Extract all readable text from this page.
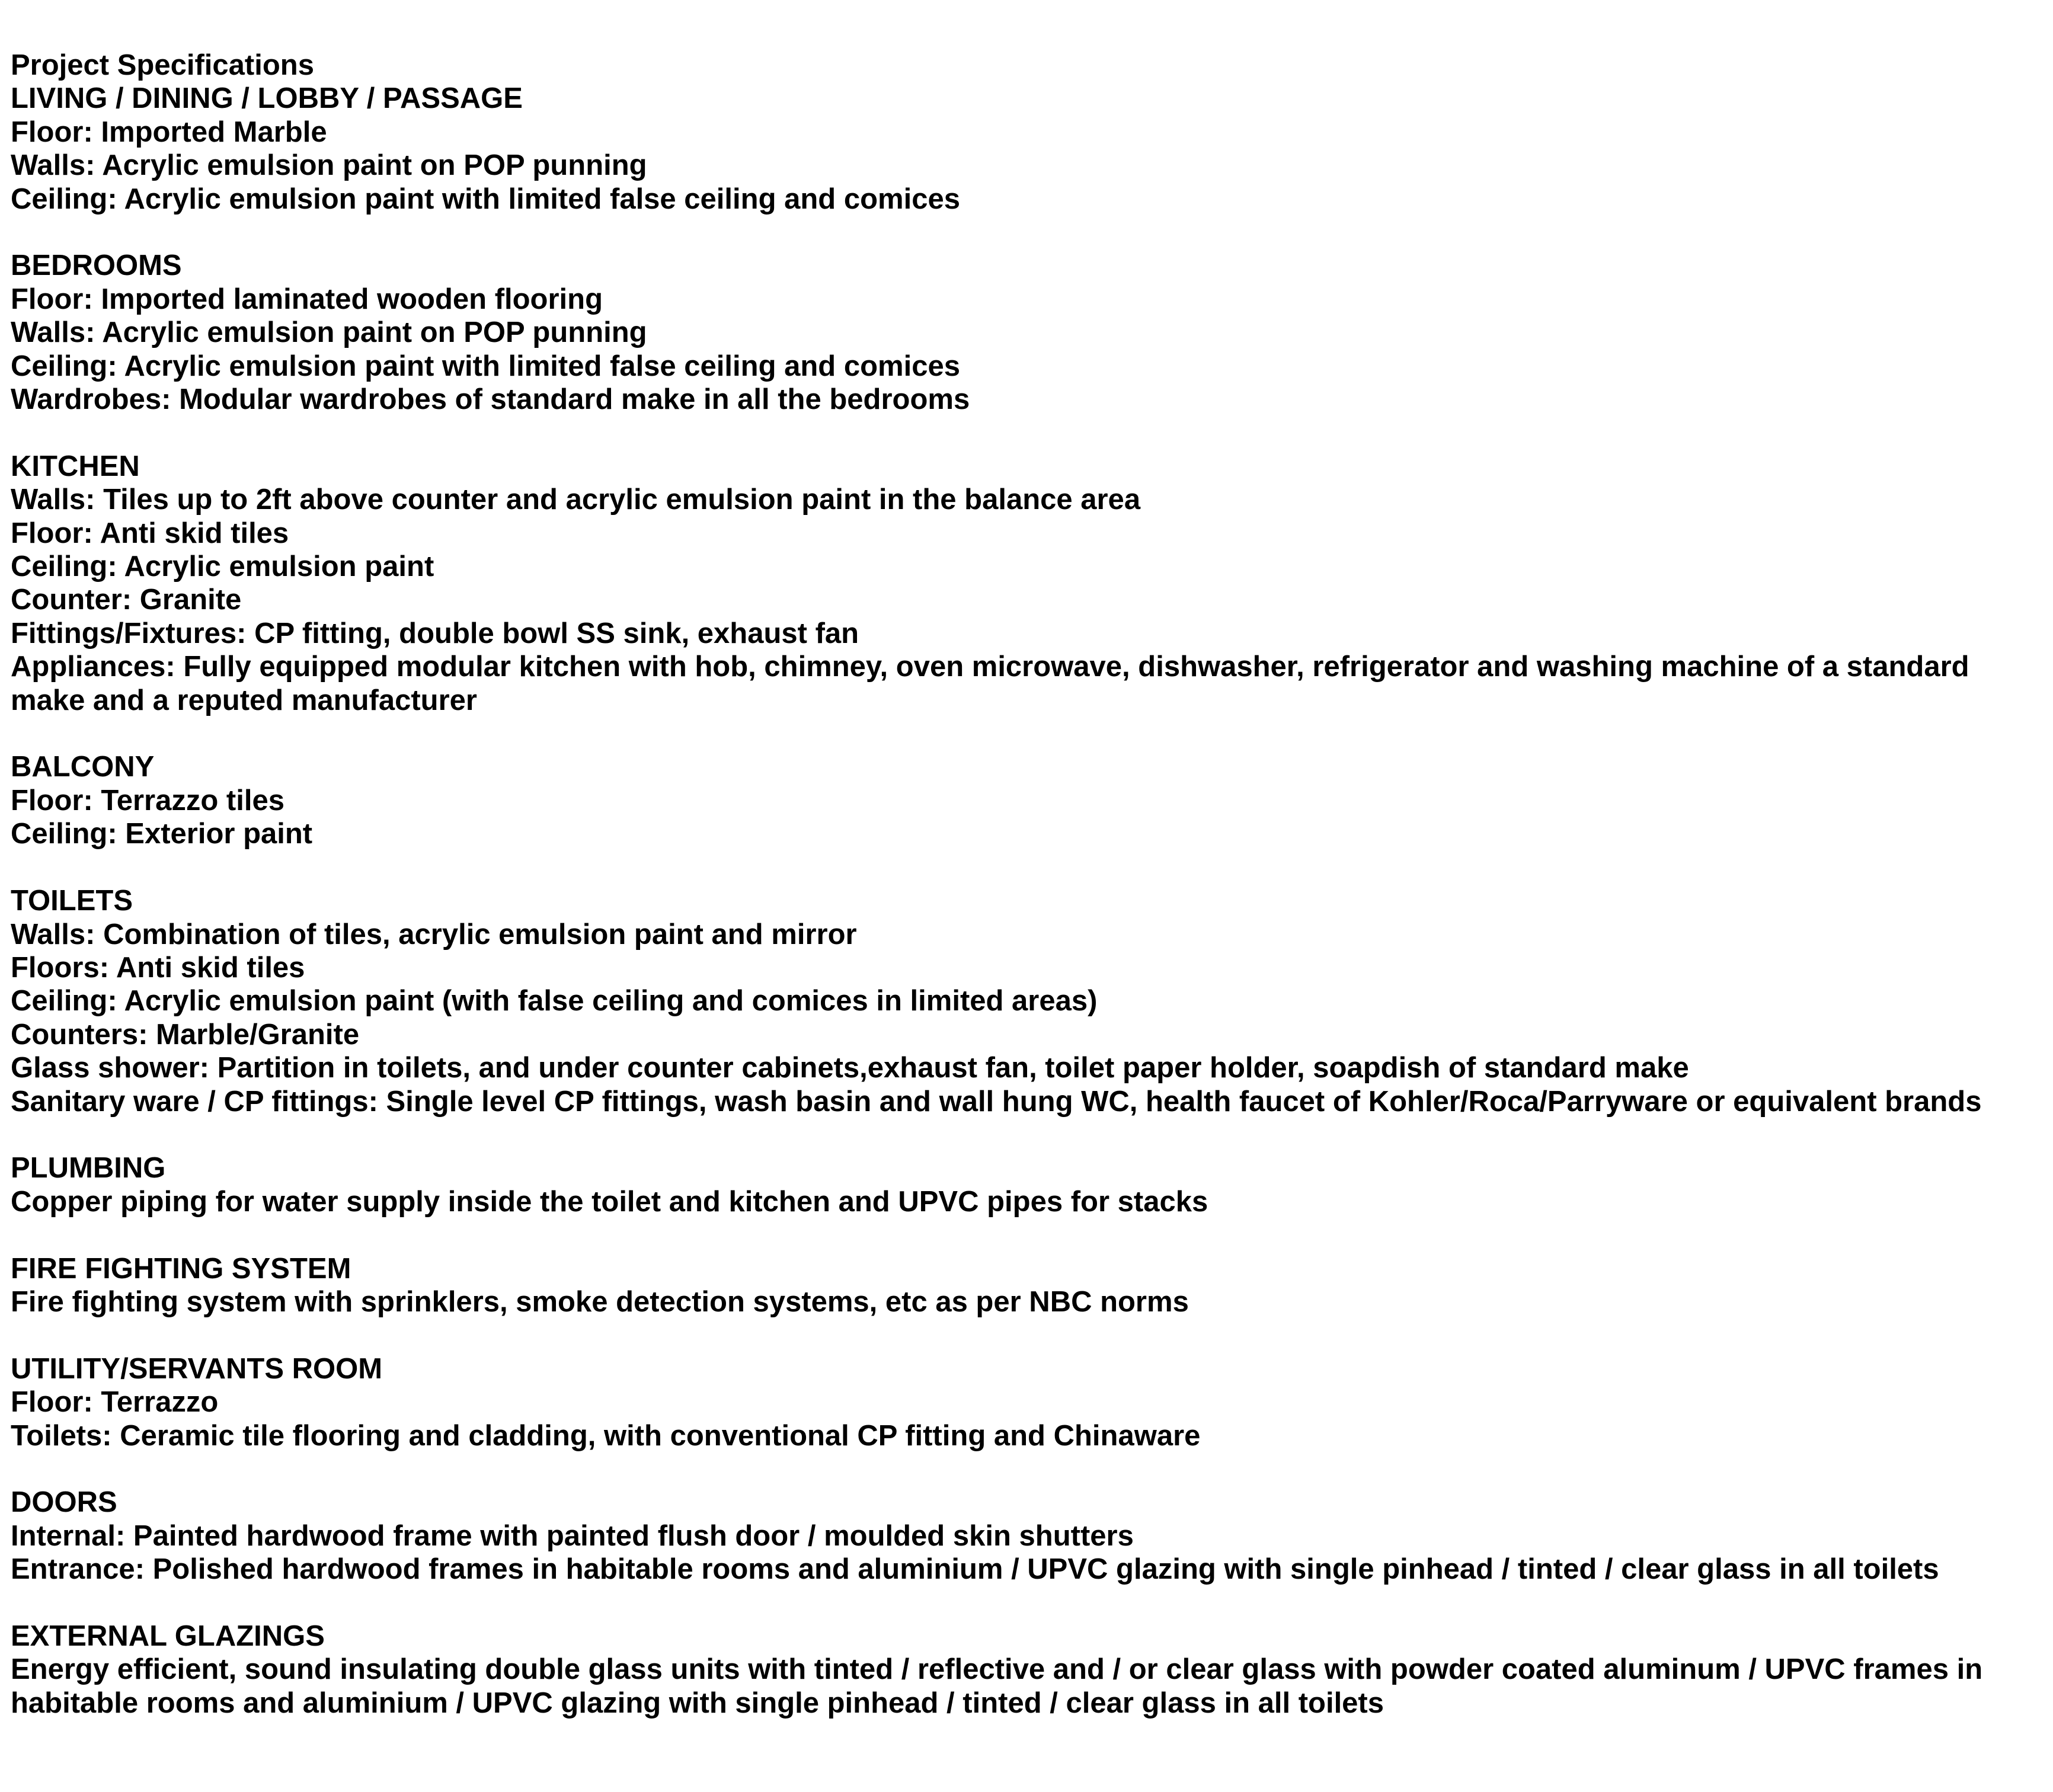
Project Specifications
LIVING / DINING / LOBBY / PASSAGE
Floor : Imported Marble
Walls : Acrylic emulsion paint on POP punning
Ceiling : Acrylic emulsion paint with limited false ceiling and comices
BEDROOMS
Floor : Imported laminated wooden flooring
Walls : Acrylic emulsion paint on POP punning
Ceiling : Acrylic emulsion paint with limited false ceiling and comices
Wardrobes : Modular wardrobes of standard make in all the bedrooms
KITCHEN
Walls : Tiles up to 2ft above counter and acrylic emulsion paint in the balance area
Floor : Anti skid tiles
Ceiling : Acrylic emulsion paint
Counter : Granite
Fittings/Fixtures : CP fitting, double bowl SS sink, exhaust fan
Appliances : Fully equipped modular kitchen with hob, chimney, oven microwave, dishwasher, refrigerator and washing machine of a standard make and a reputed manufacturer
BALCONY
Floor : Terrazzo tiles
Ceiling : Exterior paint
TOILETS
Walls : Combination of tiles, acrylic emulsion paint and mirror
Floors : Anti skid tiles
Ceiling : Acrylic emulsion paint (with false ceiling and comices in limited areas)
Counters : Marble/Granite
Glass shower : Partition in toilets, and under counter cabinets,exhaust fan, toilet paper holder, soapdish of standard make
Sanitary ware / CP fittings : Single level CP fittings, wash basin and wall hung WC, health faucet of Kohler/Roca/Parryware or equivalent brands
PLUMBING
Copper piping for water supply inside the toilet and kitchen and UPVC pipes for stacks
FIRE FIGHTING SYSTEM
Fire fighting system with sprinklers, smoke detection systems, etc as per NBC norms
UTILITY/SERVANTS ROOM
Floor : Terrazzo
Toilets : Ceramic tile flooring and cladding, with conventional CP fitting and Chinaware
DOORS
Internal : Painted hardwood frame with painted flush door / moulded skin shutters
Entrance : Polished hardwood frames in habitable rooms and aluminium / UPVC glazing with single pinhead / tinted / clear glass in all toilets
EXTERNAL GLAZINGS
Energy efficient, sound insulating double glass units with tinted / reflective and / or clear glass with powder coated aluminum / UPVC frames in habitable rooms and aluminium / UPVC glazing with single pinhead / tinted / clear glass in all toilets
